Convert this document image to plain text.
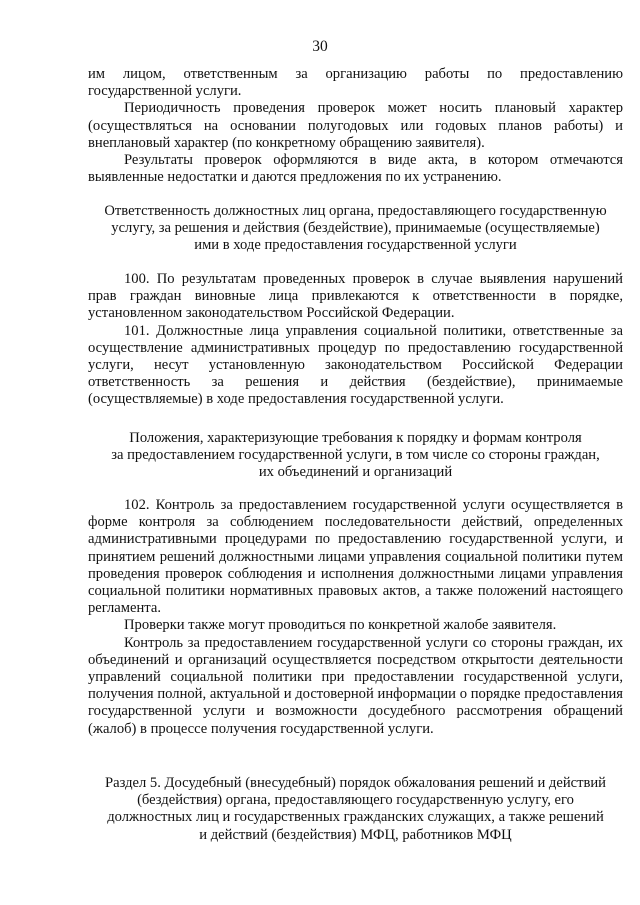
30

им лицом, ответственным за организацию работы по предоставлению государственной услуги.

Периодичность проведения проверок может носить плановый характер (осуществляться на основании полугодовых или годовых планов работы) и внеплановый характер (по конкретному обращению заявителя).

Результаты проверок оформляются в виде акта, в котором отмечаются выявленные недостатки и даются предложения по их устранению.

Ответственность должностных лиц органа, предоставляющего государственную

услугу, за решения и действия (бездействие), принимаемые (осуществляемые)

ими в ходе предоставления государственной услуги

100. По результатам проведенных проверок в случае выявления нарушений прав граждан виновные лица привлекаются к ответственности в порядке, установленном законодательством Российской Федерации.

101. Должностные лица управления социальной политики, ответственные за осуществление административных процедур по предоставлению государственной услуги, несут установленную законодательством Российской Федерации ответственность за решения и действия (бездействие), принимаемые (осуществляемые) в ходе предоставления государственной услуги.

Положения, характеризующие требования к порядку и формам контроля

за предоставлением государственной услуги, в том числе со стороны граждан,

их объединений и организаций

102. Контроль за предоставлением государственной услуги осуществляется в форме контроля за соблюдением последовательности действий, определенных административными процедурами по предоставлению государственной услуги, и принятием решений должностными лицами управления социальной политики путем проведения проверок соблюдения и исполнения должностными лицами управления социальной политики нормативных правовых актов, а также положений настоящего регламента.

Проверки также могут проводиться по конкретной жалобе заявителя.

Контроль за предоставлением государственной услуги со стороны граждан, их объединений и организаций осуществляется посредством открытости деятельности управлений социальной политики при предоставлении государственной услуги, получения полной, актуальной и достоверной информации о порядке предоставления государственной услуги и возможности досудебного рассмотрения обращений (жалоб) в процессе получения государственной услуги.

Раздел 5. Досудебный (внесудебный) порядок обжалования решений и действий

(бездействия) органа, предоставляющего государственную услугу, его

должностных лиц и государственных гражданских служащих, а также решений

и действий (бездействия) МФЦ, работников МФЦ
